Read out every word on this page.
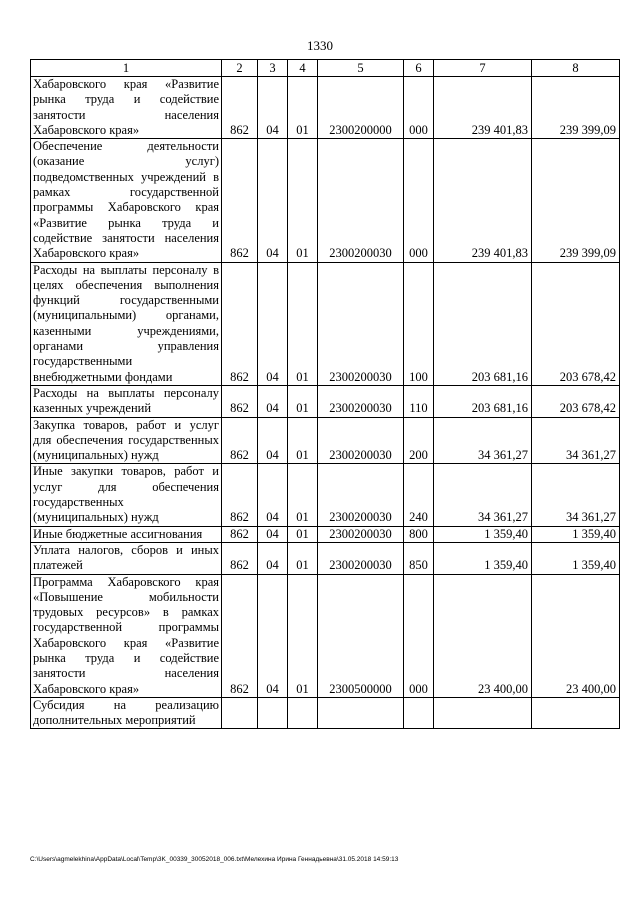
1330
1	2	3	4	5	6	7	8
Хабаровского края «Развитие рынка труда и содействие занятости населения Хабаровского края»	862	04	01	2300200000	000	239 401,83	239 399,09
Обеспечение деятельности (оказание услуг) подведомственных учреждений в рамках государственной программы Хабаровского края «Развитие рынка труда и содействие занятости населения Хабаровского края»	862	04	01	2300200030	000	239 401,83	239 399,09
Расходы на выплаты персоналу в целях обеспечения выполнения функций государственными (муниципальными) органами, казенными учреждениями, органами управления государственными внебюджетными фондами	862	04	01	2300200030	100	203 681,16	203 678,42
Расходы на выплаты персоналу казенных учреждений	862	04	01	2300200030	110	203 681,16	203 678,42
Закупка товаров, работ и услуг для обеспечения государственных (муниципальных) нужд	862	04	01	2300200030	200	34 361,27	34 361,27
Иные закупки товаров, работ и услуг для обеспечения государственных (муниципальных) нужд	862	04	01	2300200030	240	34 361,27	34 361,27
Иные бюджетные ассигнования	862	04	01	2300200030	800	1 359,40	1 359,40
Уплата налогов, сборов и иных платежей	862	04	01	2300200030	850	1 359,40	1 359,40
Программа Хабаровского края «Повышение мобильности трудовых ресурсов» в рамках государственной программы Хабаровского края «Развитие рынка труда и содействие занятости населения Хабаровского края»	862	04	01	2300500000	000	23 400,00	23 400,00
Субсидия на реализацию дополнительных мероприятий							
C:\Users\agmelekhina\AppData\Local\Temp\3K_00339_30052018_006.txt\Мелехина Ирина Геннадьевна\31.05.2018 14:59:13
